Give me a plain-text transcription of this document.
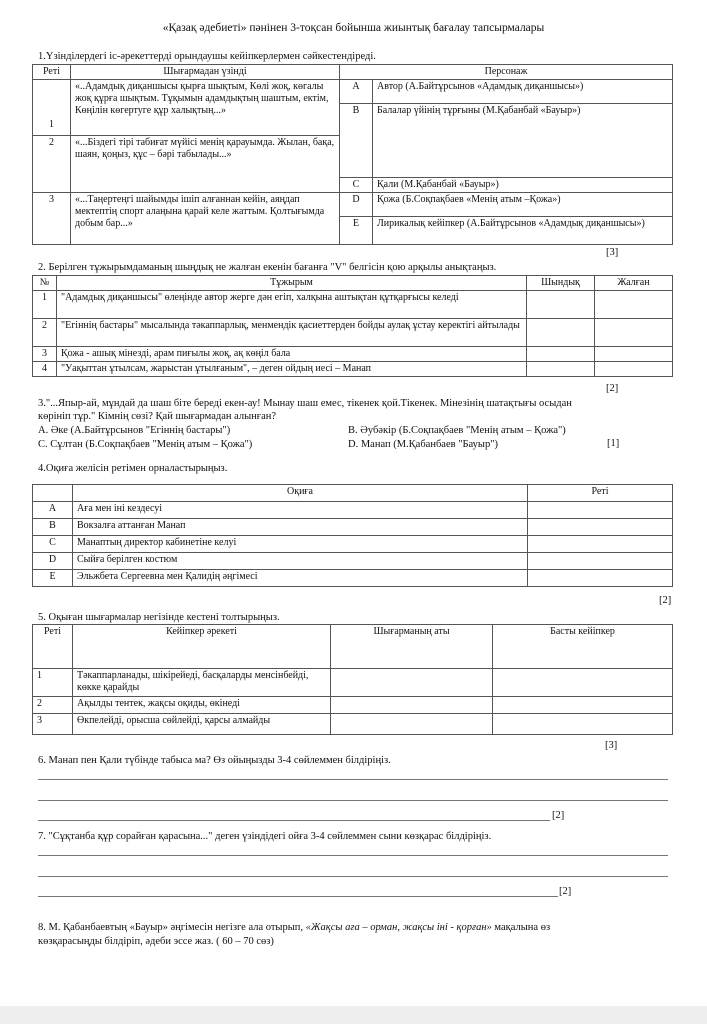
«Қазақ әдебиеті» пәнінен 3-тоқсан бойынша жиынтық бағалау тапсырмалары
1.Үзінділердегі іс-әрекеттерді орындаушы кейіпкерлермен сәйкестендіреді.
Реті	Шығармадан үзінді	Персонаж	
1	«..Адамдық диқаншысы қырға шықтым, Көлі жоқ, көгалы жоқ құрға шықтым. Тұқымын адамдықтың шаштым, ектім, Көңілін көгертуге құр халықтың...»	A	Автор (А.Байтұрсынов «Адамдық диқаншысы»)
		B	Балалар үйінің тұрғыны (М.Қабанбай «Бауыр»)
2	«...Біздегі тірі табиғат мүйісі менің қарауымда. Жылан, бақа, шаян, қоңыз, құс – бәрі табылады...»		
		C	Қали (М.Қабанбай «Бауыр»)
3	«...Таңертеңгі шайымды ішіп алғаннан кейін, аяңдап мектептің спорт алаңына қарай келе жаттым. Қолтығымда добым бар...»	D	Қожа (Б.Соқпақбаев «Менің атым –Қожа»)
		E	Лирикалық кейіпкер (А.Байтұрсынов «Адамдық диқаншысы»)
[3]
2. Берілген тұжырымдаманың шыңдық не жалған екенін бағанға "V" белгісін қою арқылы анықтаңыз.
№	Тұжырым	Шындық	Жалған
1	"Адамдық диқаншысы" өлеңінде автор жерге дән егіп, халқына аштықтан құтқарғысы келеді		
2	"Егіннің бастары" мысалында тәкаппарлық, менмендік қасиеттерден бойды аулақ ұстау керектігі айтылады		
3	Қожа - ашық мінезді, арам пиғылы жоқ, ақ көңіл бала		
4	"Уақыттан ұтылсам, жарыстан ұтылғаным", – деген ойдың иесі – Манап		
[2]
3."...Япыр-ай, мұндай да шаш біте береді екен-ау! Мынау шаш емес, тікенек қой.Тікенек. Мінезінің шатақтығы осыдан
көрініп тұр." Кімнің сөзі? Қай шығармадан алынған?
A. Әке (А.Байтұрсынов "Егіннің бастары")	B. Әубәкір (Б.Соқпақбаев "Менің атым – Қожа")
C. Сұлтан (Б.Соқпақбаев "Менің атым – Қожа")	D. Манап (М.Қабанбаев "Бауыр")	[1]
4.Оқиға желісін ретімен орналастырыңыз.
	Оқиға	Реті
A	Аға мен іні кездесуі	
B	Вокзалға аттанған Манап	
C	Манаптың директор кабинетіне келуі	
D	Сыйға берілген костюм	
E	Эльжбета Сергеевна мен Қалидің әңгімесі	
[2]
5. Оқыған шығармалар негізінде кестені толтырыңыз.
Реті	Кейіпкер әрекеті	Шығарманың аты	Басты кейіпкер
1	Тәкаппарланады, шікірейеді, басқаларды менсінбейді, көкке қарайды		
2	Ақылды тентек, жақсы оқиды, өкінеді		
3	Өкпелейді, орысша сөйлейді, қарсы алмайды		
[3]
6. Манап пен Қали түбінде табыса ма? Өз ойыңызды 3-4 сөйлеммен білдіріңіз.
[2]
7. "Сұқтанба құр сорайған қарасына..." деген үзіндідегі ойға 3-4 сөйлеммен сыни көзқарас білдіріңіз.
[2]
8. М. Қабанбаевтың «Бауыр» әңгімесін негізге ала отырып, «Жақсы аға – орман, жақсы іні - қорған» мақалына өз
көзқарасыңды білдіріп, әдеби эссе жаз. ( 60 – 70 сөз)
